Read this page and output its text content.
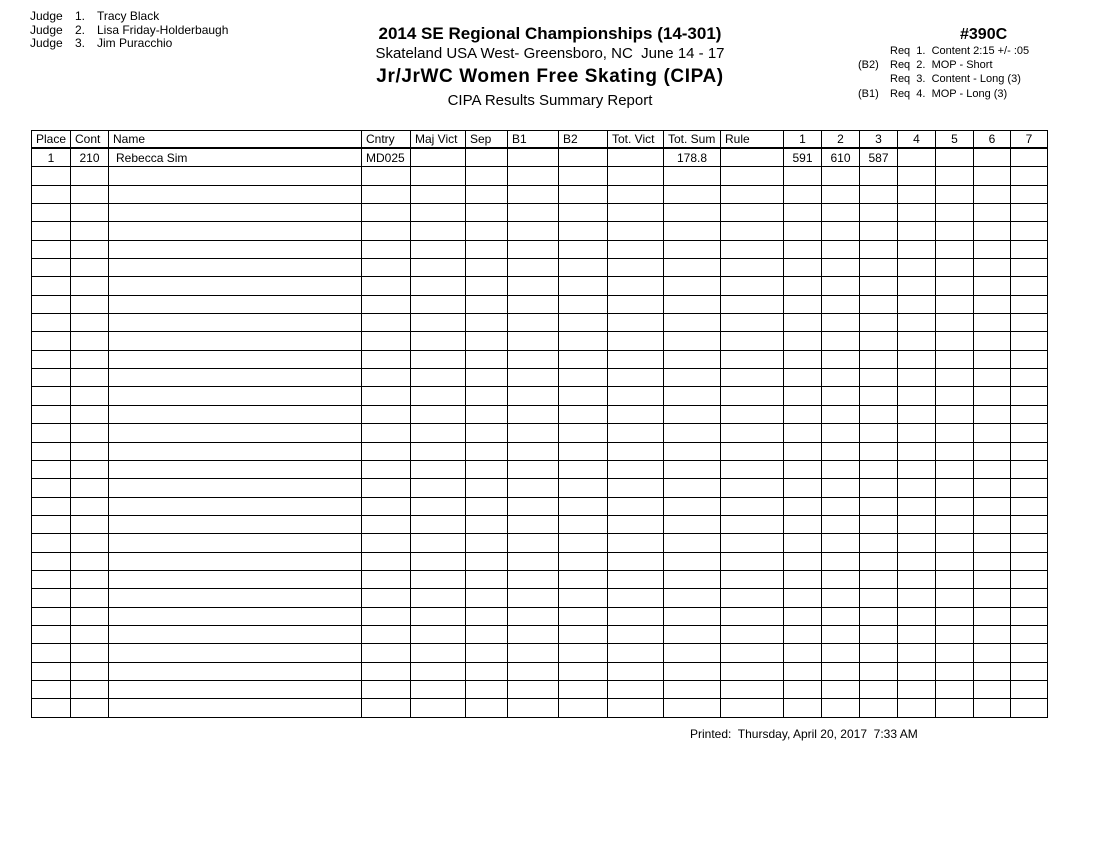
Judge	1. Tracy Black
Judge	2. Lisa Friday-Holderbaugh
Judge	3. Jim Puracchio
2014 SE Regional Championships (14-301)
Skateland USA West- Greensboro, NC  June 14 - 17
Jr/JrWC Women Free Skating (CIPA)
CIPA Results Summary Report
#390C
Req  1.  Content 2:15 +/- :05
(B2)	Req  2.  MOP - Short
Req  3.  Content - Long (3)
(B1)	Req  4.  MOP - Long (3)
Place	Cont	Name	Cntry	Maj Vict	Sep	B1	B2	Tot. Vict	Tot. Sum	Rule	1	2	3	4	5	6	7
1	210	Rebecca Sim	MD025						178.8		591	610	587				

Printed:  Thursday, April 20, 2017  7:33 AM
